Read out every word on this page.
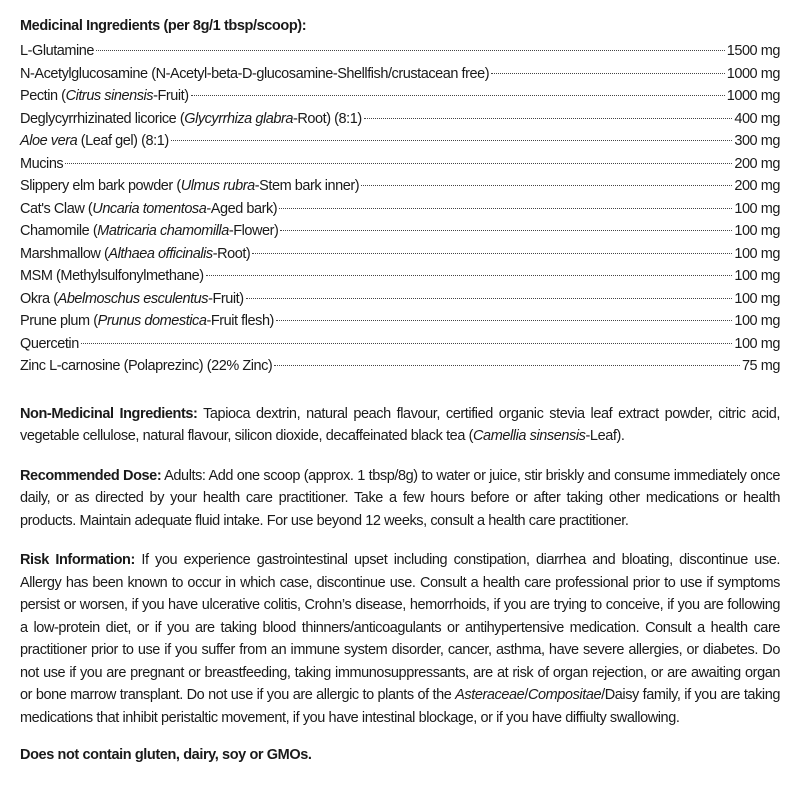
Medicinal Ingredients (per 8g/1 tbsp/scoop):
L-Glutamine	1500 mg
N-Acetylglucosamine (N-Acetyl-beta-D-glucosamine-Shellfish/crustacean free)	1000 mg
Pectin (Citrus sinensis-Fruit)	1000 mg
Deglycyrrhizinated licorice (Glycyrrhiza glabra-Root) (8:1)	400 mg
Aloe vera (Leaf gel) (8:1)	300 mg
Mucins	200 mg
Slippery elm bark powder (Ulmus rubra-Stem bark inner)	200 mg
Cat's Claw (Uncaria tomentosa-Aged bark)	100 mg
Chamomile (Matricaria chamomilla-Flower)	100 mg
Marshmallow (Althaea officinalis-Root)	100 mg
MSM (Methylsulfonylmethane)	100 mg
Okra (Abelmoschus esculentus-Fruit)	100 mg
Prune plum (Prunus domestica-Fruit flesh)	100 mg
Quercetin	100 mg
Zinc L-carnosine (Polaprezinc) (22% Zinc)	75 mg

Non-Medicinal Ingredients: Tapioca dextrin, natural peach flavour, certified organic stevia leaf extract powder, citric acid, vegetable cellulose, natural flavour, silicon dioxide, decaffeinated black tea (Camellia sinsensis-Leaf).

Recommended Dose: Adults: Add one scoop (approx. 1 tbsp/8g) to water or juice, stir briskly and consume immediately once daily, or as directed by your health care practitioner. Take a few hours before or after taking other medications or health products. Maintain adequate fluid intake. For use beyond 12 weeks, consult a health care practitioner.

Risk Information: If you experience gastrointestinal upset including constipation, diarrhea and bloating, discontinue use. Allergy has been known to occur in which case, discontinue use. Consult a health care professional prior to use if symptoms persist or worsen, if you have ulcerative colitis, Crohn’s disease, hemorrhoids, if you are trying to conceive, if you are following a low-protein diet, or if you are taking blood thinners/anticoagulants or antihypertensive medication. Consult a health care practitioner prior to use if you suffer from an immune system disorder, cancer, asthma, have severe allergies, or diabetes. Do not use if you are pregnant or breastfeeding, taking immunosuppressants, are at risk of organ rejection, or are awaiting organ or bone marrow transplant. Do not use if you are allergic to plants of the Asteraceae/Compositae/Daisy family, if you are taking medications that inhibit peristaltic movement, if you have intestinal blockage, or if you have diffiulty swallowing.

Does not contain gluten, dairy, soy or GMOs.
